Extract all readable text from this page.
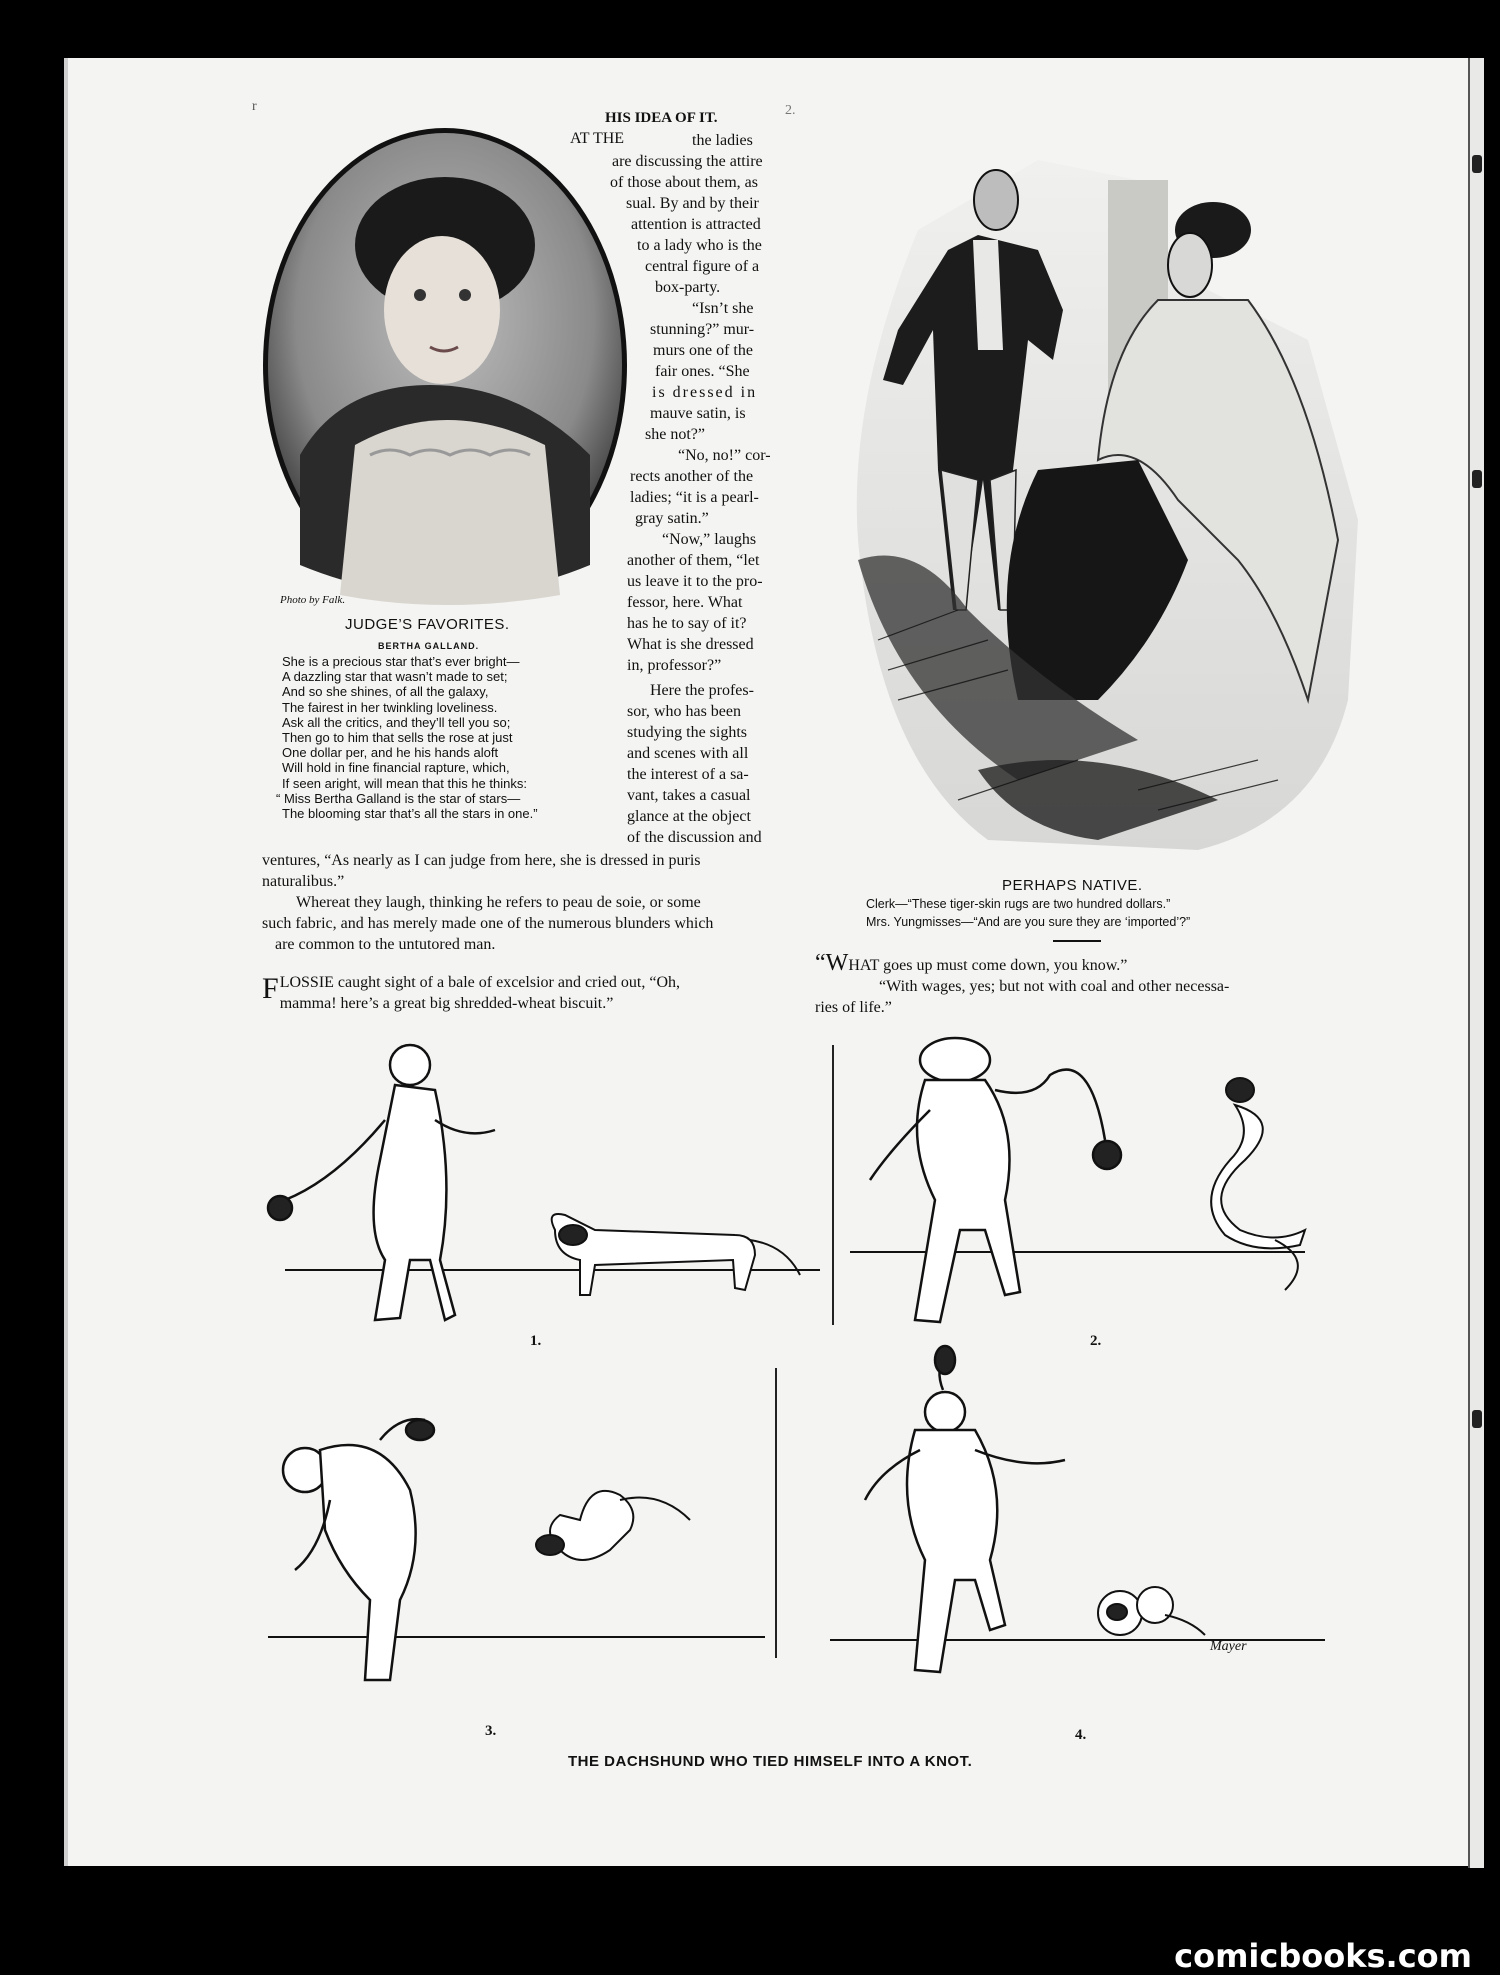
2.
r
Photo by Falk.
JUDGE’S FAVORITES.
BERTHA GALLAND.
She is a precious star that’s ever bright—
A dazzling star that wasn’t made to set;
And so she shines, of all the galaxy,
The fairest in her twinkling loveliness.
Ask all the critics, and they’ll tell you so;
Then go to him that sells the rose at just
One dollar per, and he his hands aloft
Will hold in fine financial rapture, which,
If seen aright, will mean that this he thinks:
“ Miss Bertha Galland is the star of stars—
The blooming star that’s all the stars in one.”
HIS IDEA OF IT.
AT THE	the ladies
are discussing the attire
of those about them, as
sual. By and by their
attention is attracted
to a lady who is the
central figure of a
box-party.
“Isn’t she
stunning?” mur-
murs one of the
fair ones. “She
is dressed in
mauve satin, is
she not?”
“No, no!” cor-
rects another of the
ladies; “it is a pearl-
gray satin.”
“Now,” laughs
another of them, “let
us leave it to the pro-
fessor, here. What
has he to say of it?
What is she dressed
in, professor?”
Here the profes-
sor, who has been
studying the sights
and scenes with all
the interest of a sa-
vant, takes a casual
glance at the object
of the discussion and
ventures, “As nearly as I can judge from here, she is dressed in puris
naturalibus.”
Whereat they laugh, thinking he refers to peau de soie, or some
such fabric, and has merely made one of the numerous blunders which
are common to the untutored man.
PERHAPS NATIVE.
Clerk—“These tiger-skin rugs are two hundred dollars.”
Mrs. Yungmisses—“And are you sure they are ‘imported’?”
F LOSSIE caught sight of a bale of excelsior and cried out, “Oh,
mamma! here’s a great big shredded-wheat biscuit.”
“WHAT goes up must come down, you know.”
“With wages, yes; but not with coal and other necessa-
ries of life.”
1.	2.
3.
Mayer
4.
THE DACHSHUND WHO TIED HIMSELF INTO A KNOT.
comicbooks.com
